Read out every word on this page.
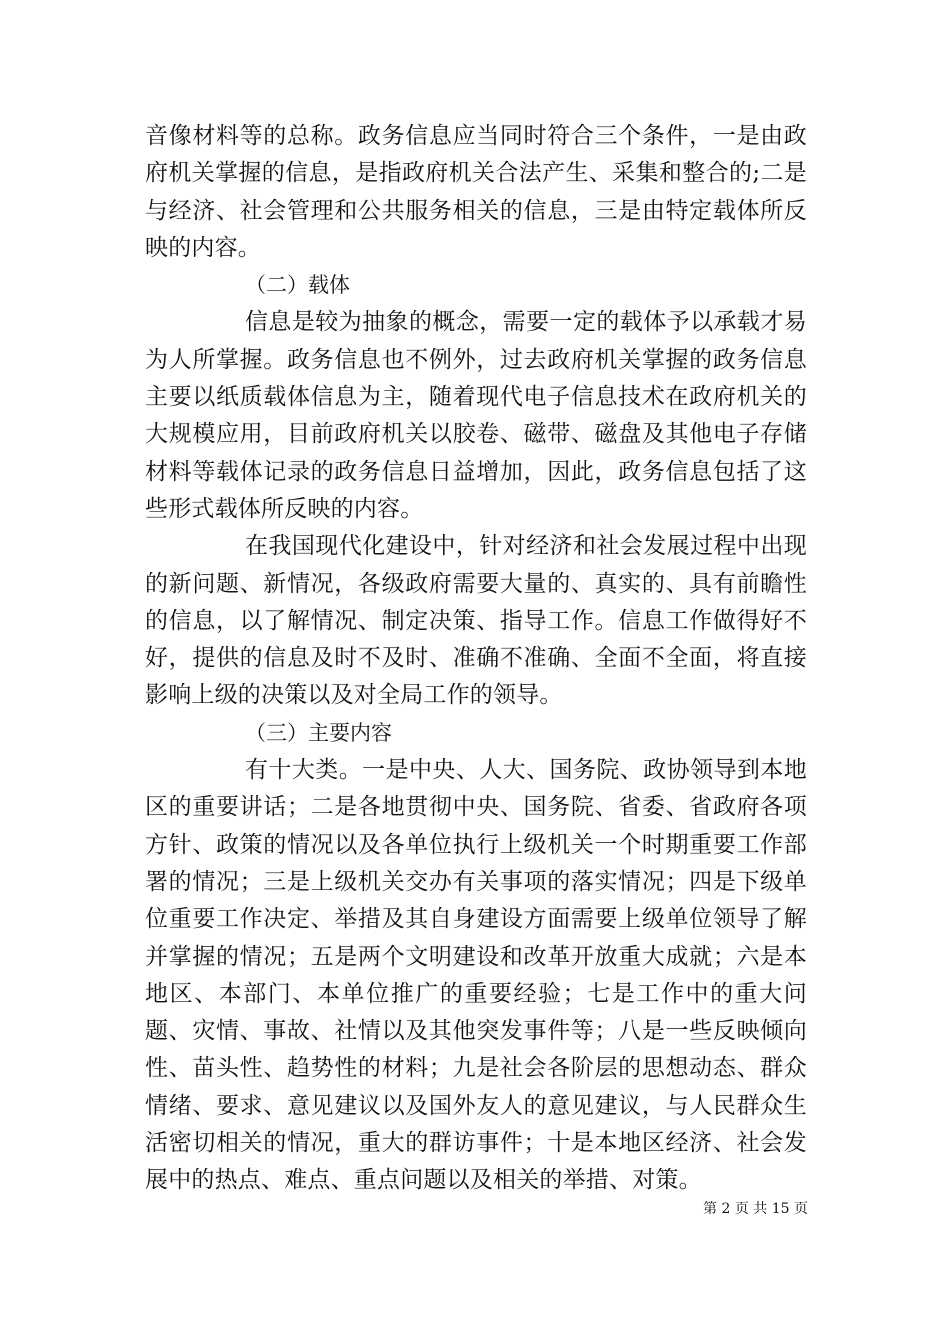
音像材料等的总称。政务信息应当同时符合三个条件，一是由政府机关掌握的信息，是指政府机关合法产生、采集和整合的;二是与经济、社会管理和公共服务相关的信息，三是由特定载体所反映的内容。

（二）载体

信息是较为抽象的概念，需要一定的载体予以承载才易为人所掌握。政务信息也不例外，过去政府机关掌握的政务信息主要以纸质载体信息为主，随着现代电子信息技术在政府机关的大规模应用，目前政府机关以胶卷、磁带、磁盘及其他电子存储材料等载体记录的政务信息日益增加，因此，政务信息包括了这些形式载体所反映的内容。

在我国现代化建设中，针对经济和社会发展过程中出现的新问题、新情况，各级政府需要大量的、真实的、具有前瞻性的信息，以了解情况、制定决策、指导工作。信息工作做得好不好，提供的信息及时不及时、准确不准确、全面不全面，将直接影响上级的决策以及对全局工作的领导。

（三）主要内容

有十大类。一是中央、人大、国务院、政协领导到本地区的重要讲话；二是各地贯彻中央、国务院、省委、省政府各项方针、政策的情况以及各单位执行上级机关一个时期重要工作部署的情况；三是上级机关交办有关事项的落实情况；四是下级单位重要工作决定、举措及其自身建设方面需要上级单位领导了解并掌握的情况；五是两个文明建设和改革开放重大成就；六是本地区、本部门、本单位推广的重要经验；七是工作中的重大问题、灾情、事故、社情以及其他突发事件等；八是一些反映倾向性、苗头性、趋势性的材料；九是社会各阶层的思想动态、群众情绪、要求、意见建议以及国外友人的意见建议，与人民群众生活密切相关的情况，重大的群访事件；十是本地区经济、社会发展中的热点、难点、重点问题以及相关的举措、对策。

第 2 页 共 15 页
